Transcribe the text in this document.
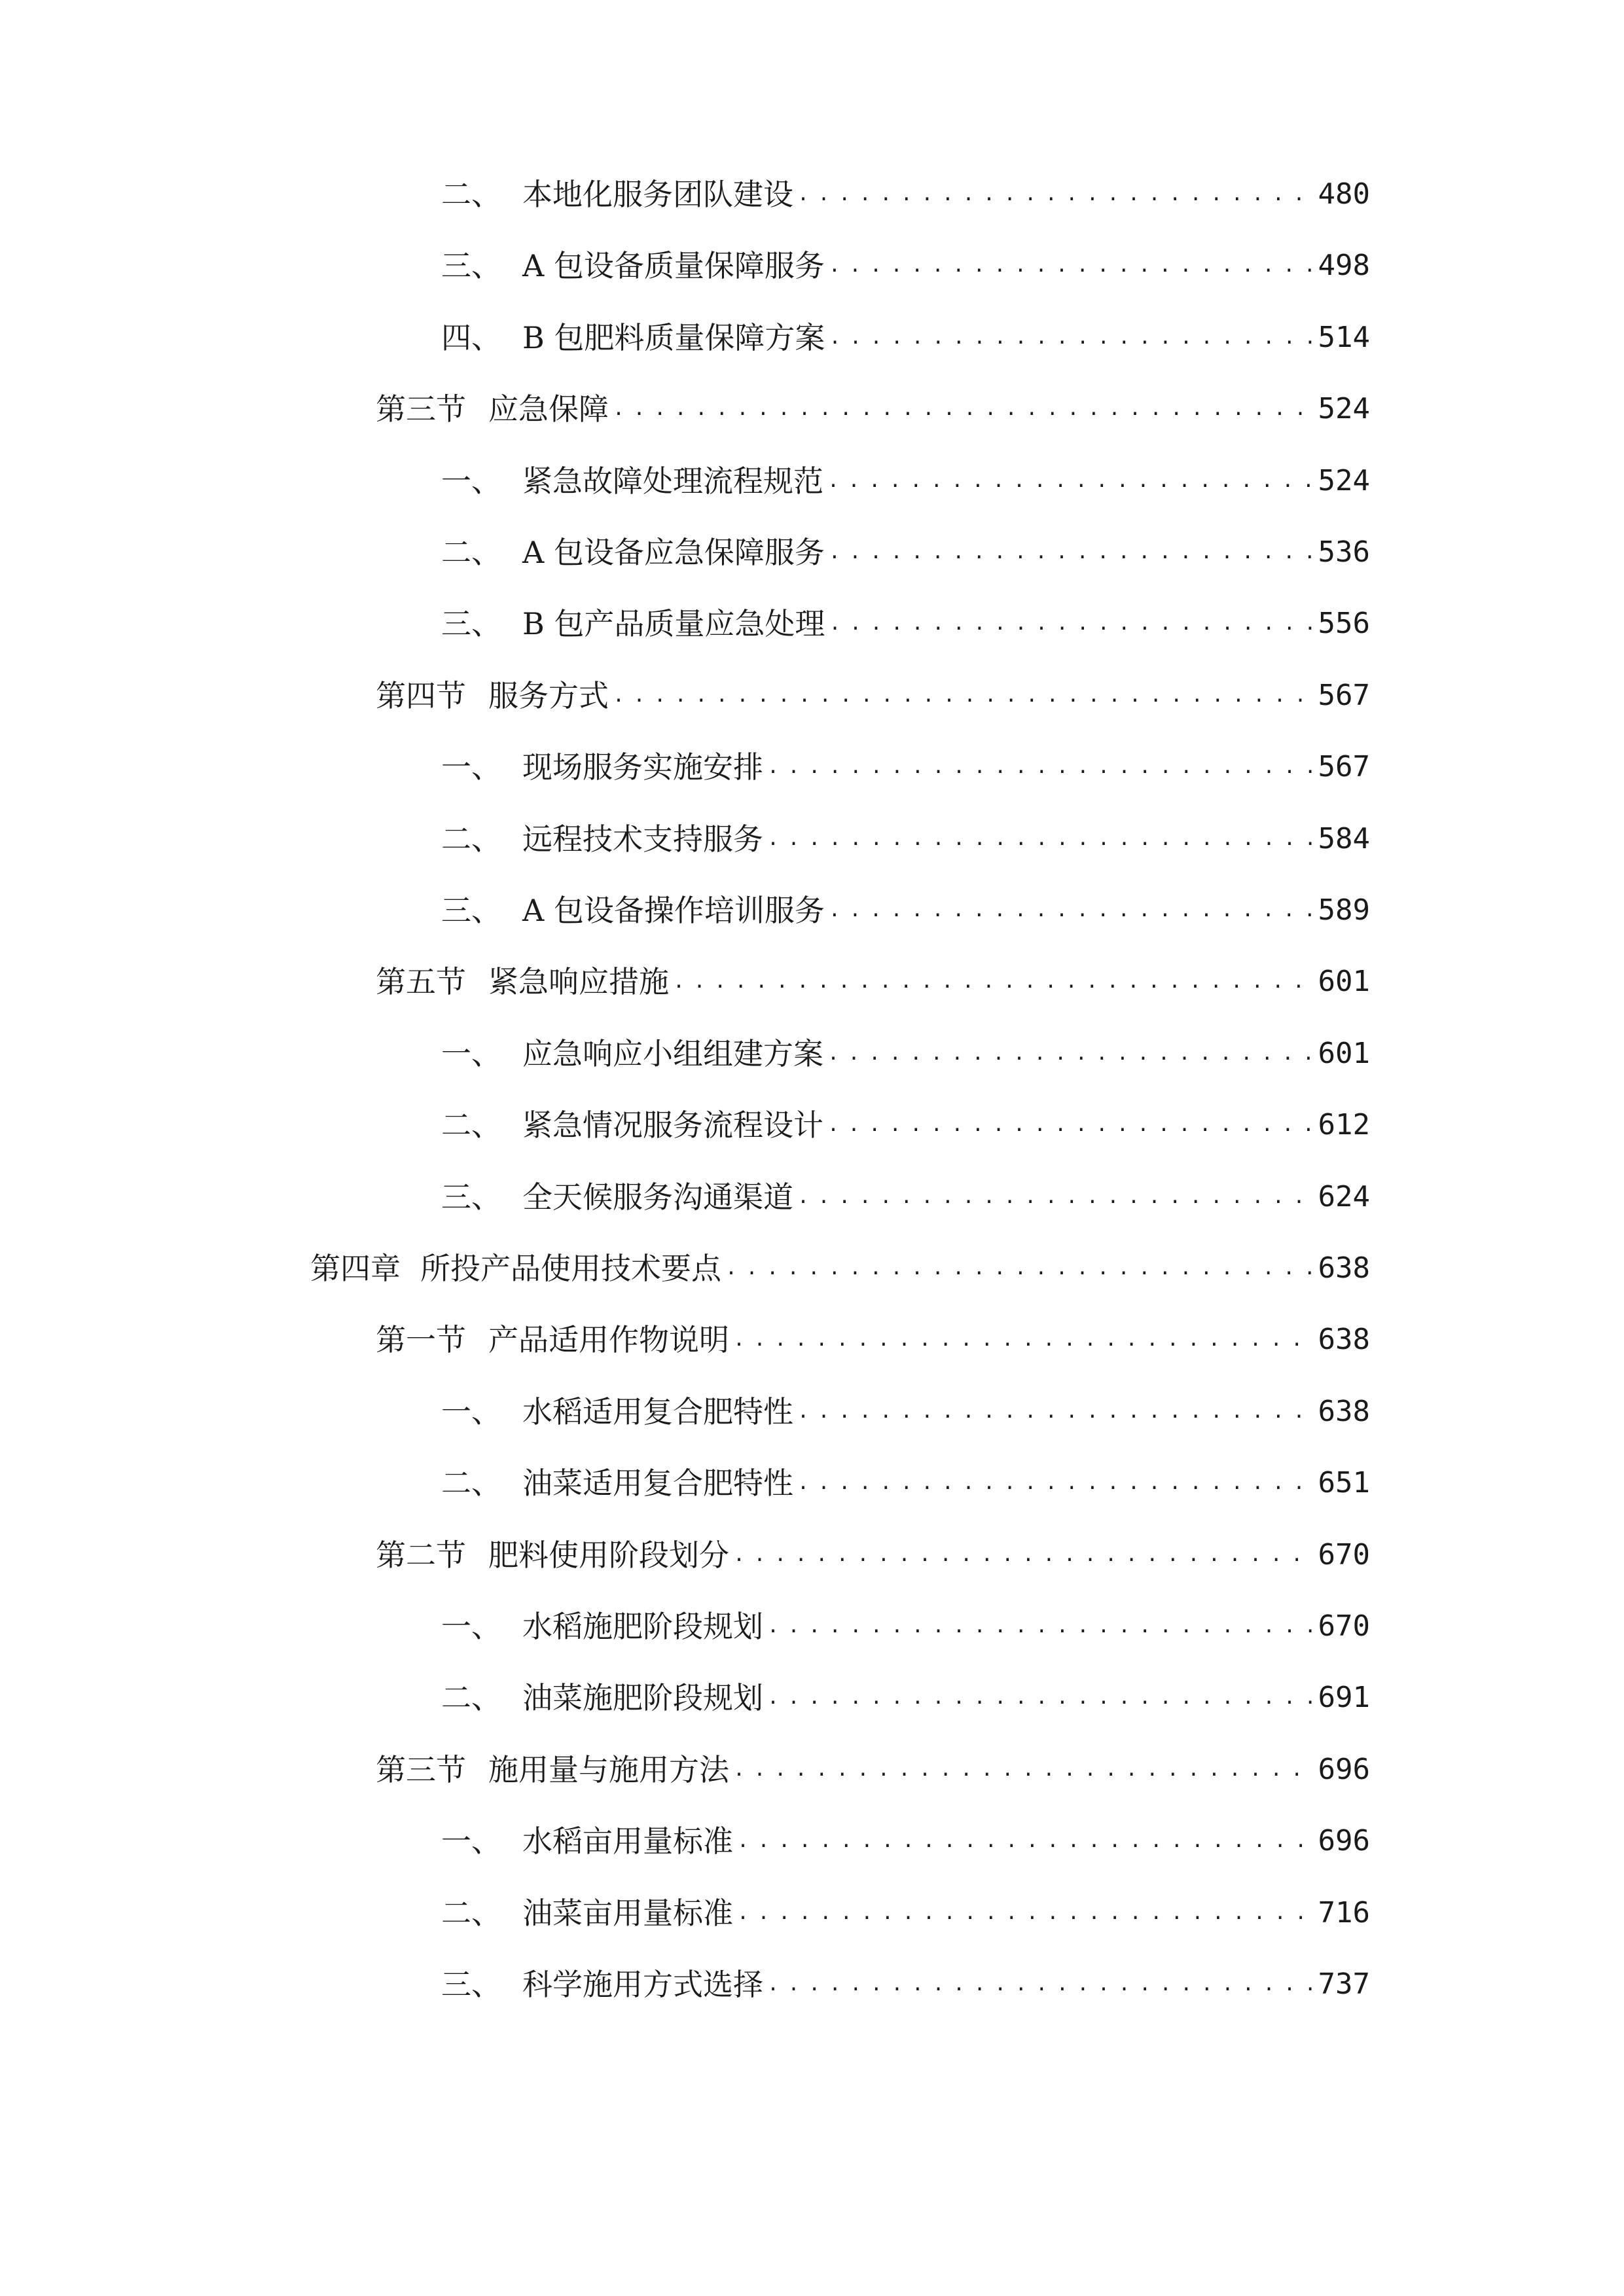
二、 本地化服务团队建设 .....	480
三、 A 包设备质量保障服务 .....	498
四、 B 包肥料质量保障方案 .....	514
第三节 应急保障 .....	524
一、 紧急故障处理流程规范 .....	524
二、 A 包设备应急保障服务 .....	536
三、 B 包产品质量应急处理 .....	556
第四节 服务方式 .....	567
一、 现场服务实施安排 .....	567
二、 远程技术支持服务 .....	584
三、 A 包设备操作培训服务 .....	589
第五节 紧急响应措施 .....	601
一、 应急响应小组组建方案 .....	601
二、 紧急情况服务流程设计 .....	612
三、 全天候服务沟通渠道 .....	624
第四章 所投产品使用技术要点 .....	638
第一节 产品适用作物说明 .....	638
一、 水稻适用复合肥特性 .....	638
二、 油菜适用复合肥特性 .....	651
第二节 肥料使用阶段划分 .....	670
一、 水稻施肥阶段规划 .....	670
二、 油菜施肥阶段规划 .....	691
第三节 施用量与施用方法 .....	696
一、 水稻亩用量标准 .....	696
二、 油菜亩用量标准 .....	716
三、 科学施用方式选择 .....	737
